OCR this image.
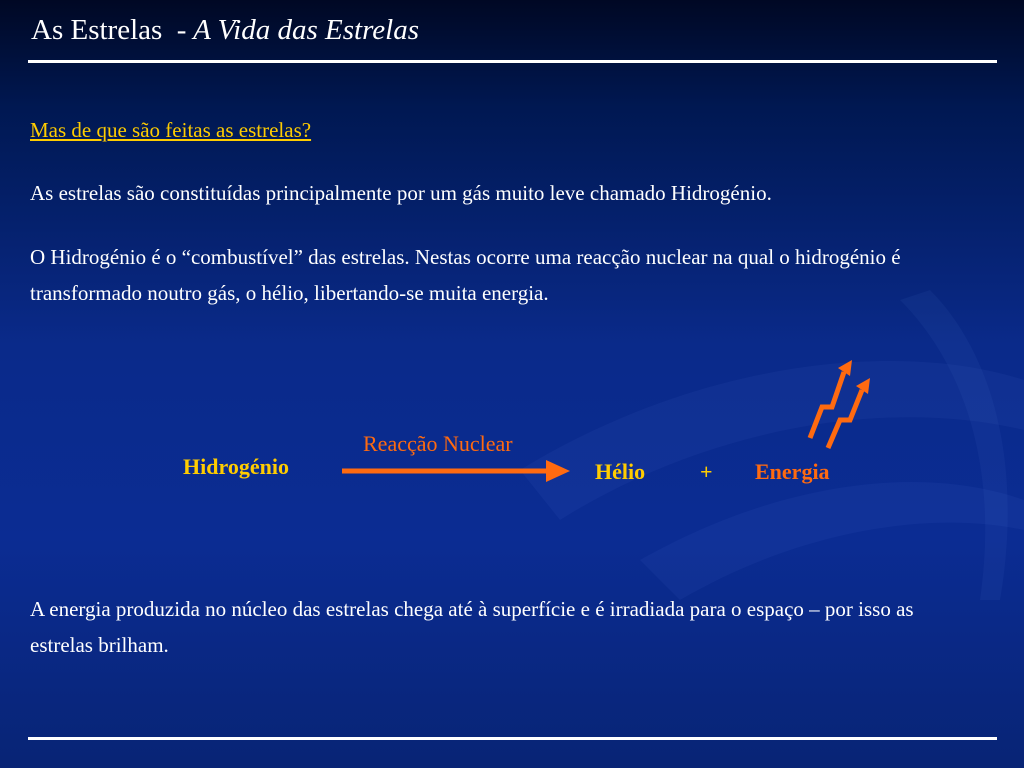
As Estrelas - A Vida das Estrelas
Mas de que são feitas as estrelas?
As estrelas são constituídas principalmente por um gás muito leve chamado Hidrogénio.
O Hidrogénio é o “combustível” das estrelas. Nestas ocorre uma reacção nuclear na qual o hidrogénio é transformado noutro gás, o hélio, libertando-se muita energia.
Hidrogénio
Reacção Nuclear
Hélio + Energia
A energia produzida no núcleo das estrelas chega até à superfície e é irradiada para o espaço – por isso as estrelas brilham.
